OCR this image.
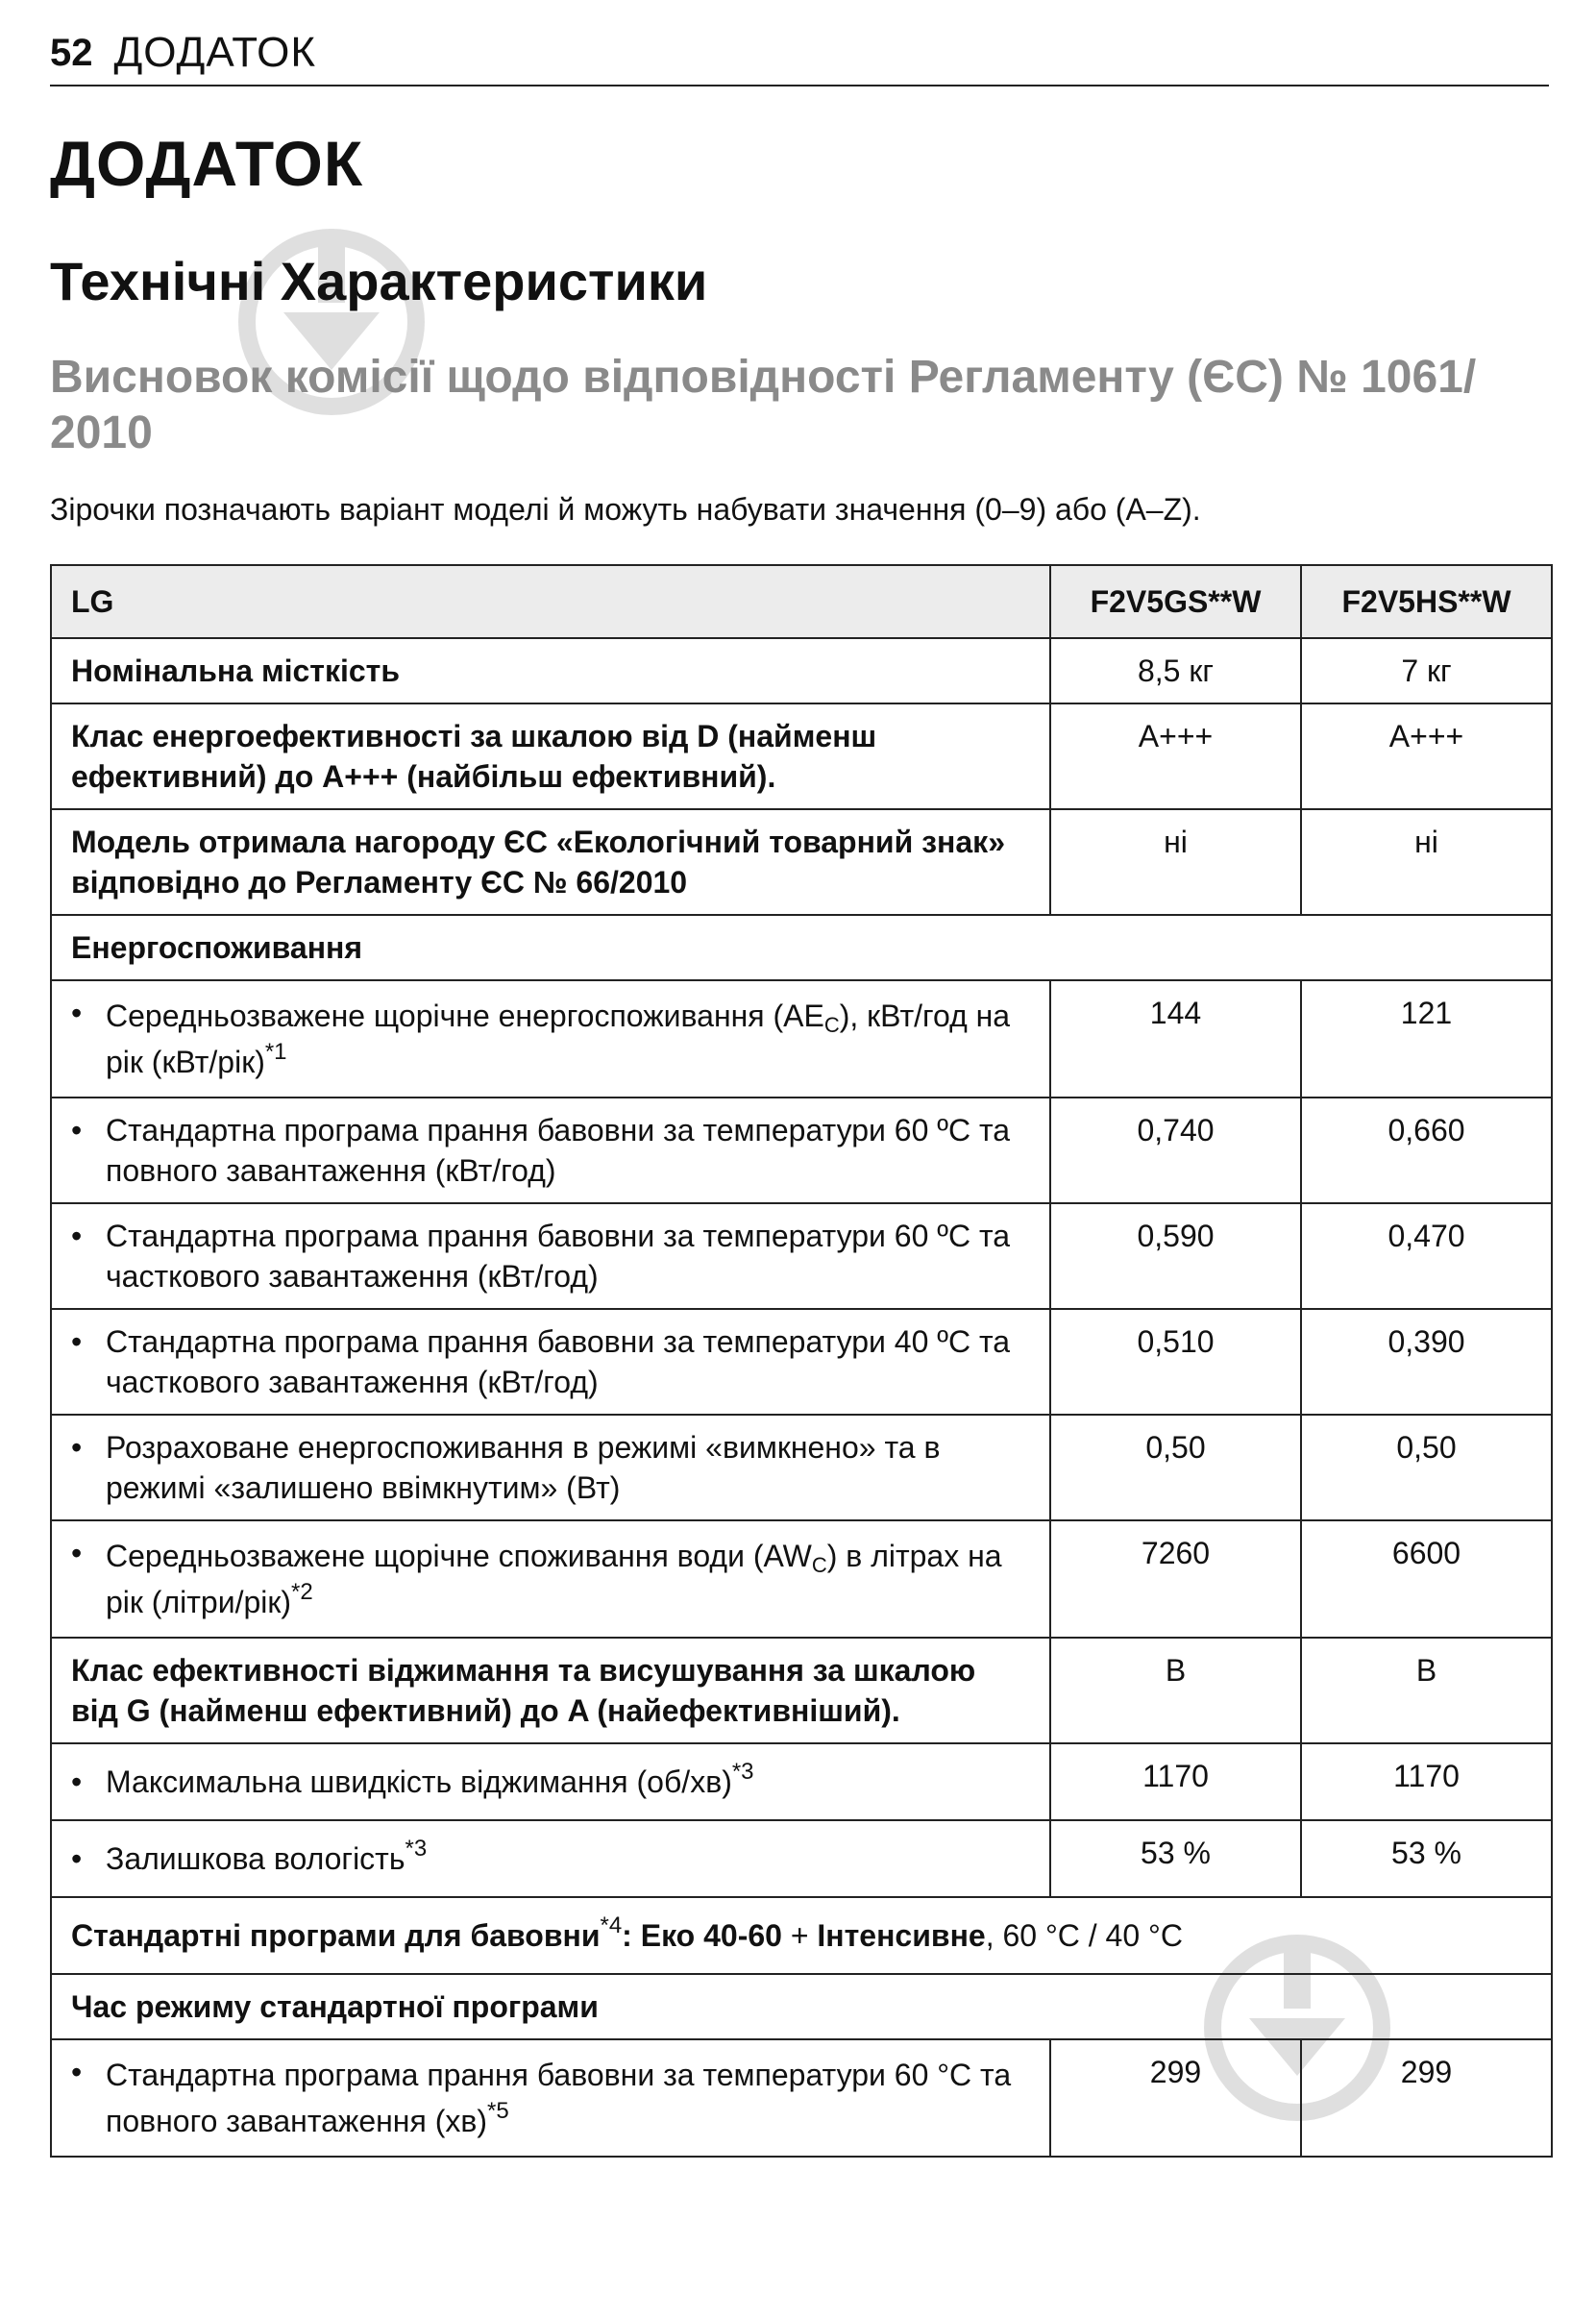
52 ДОДАТОК
ДОДАТОК
Технічні Характеристики
Висновок комісії щодо відповідності Регламенту (ЄС) № 1061/ 2010

Зірочки позначають варіант моделі й можуть набувати значення (0–9) або (A–Z).

LG	F2V5GS**W	F2V5HS**W
Номінальна місткість	8,5 кг	7 кг
Клас енергоефективності за шкалою від D (найменш ефективний) до A+++ (найбільш ефективний).	A+++	A+++
Модель отримала нагороду ЄС «Екологічний товарний знак» відповідно до Регламенту ЄС № 66/2010	ні	ні
Енергоспоживання		

• Середньозважене щорічне енергоспоживання $(AE_C)$, кВт/год на рік $(кВт/рік)^{*1}$	144	121

• Стандартна програма прання бавовни за температури 60 ºC та повного завантаження (кВт/год)	0,740	0,660

• Стандартна програма прання бавовни за температури 60 ºC та часткового завантаження (кВт/год)	0,590	0,470

• Стандартна програма прання бавовни за температури 40 ºC та часткового завантаження (кВт/год)	0,510	0,390

• Розраховане енергоспоживання в режимі «вимкнено» та в режимі «залишено ввімкнутим» (Вт)	0,50	0,50

• Середньозважене щорічне споживання води $(AW_C)$ в літрах на рік (літри/рік)$^{*2}$	7260	6600
Клас ефективності віджимання та висушування за шкалою від G (найменш ефективний) до A (найефективніший).	B	B

• Максимальна швидкість віджимання $(об/хв)^{*3}$	1170	1170

• Залишкова вологість$^{*3}$	53 %	53 %
Стандартні програми для бавовни$^{*4}$: Еко 40-60 + Інтенсивне, 60 °C / 40 °C		
Час режиму стандартної програми		

• Стандартна програма прання бавовни за температури 60 °C та повного завантаження (хв)$^{*5}$	299	299
